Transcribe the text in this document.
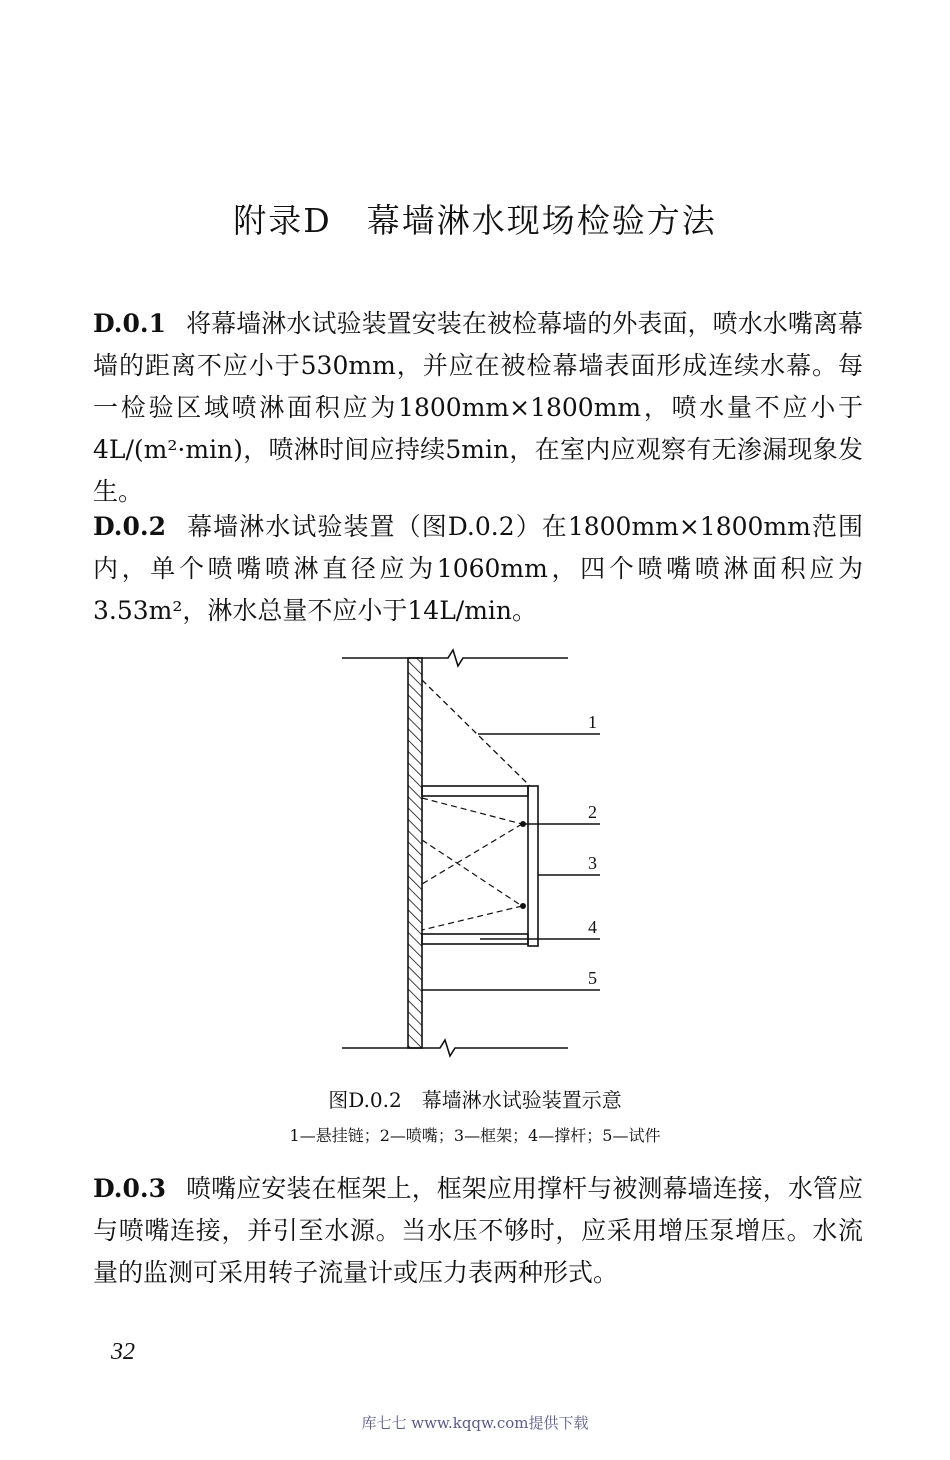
附录D　幕墙淋水现场检验方法

D.0.1 将幕墙淋水试验装置安装在被检幕墙的外表面，喷水水嘴离幕墙的距离不应小于530mm，并应在被检幕墙表面形成连续水幕。每一检验区域喷淋面积应为1800mm×1800mm，喷水量不应小于4L/(m²·min)，喷淋时间应持续5min，在室内应观察有无渗漏现象发生。

D.0.2 幕墙淋水试验装置（图D.0.2）在1800mm×1800mm范围内，单个喷嘴喷淋直径应为1060mm，四个喷嘴喷淋面积应为3.53m²，淋水总量不应小于14L/min。

1
2
3
4
5
图D.0.2　幕墙淋水试验装置示意
1—悬挂链；2—喷嘴；3—框架；4—撑杆；5—试件

D.0.3 喷嘴应安装在框架上，框架应用撑杆与被测幕墙连接，水管应与喷嘴连接，并引至水源。当水压不够时，应采用增压泵增压。水流量的监测可采用转子流量计或压力表两种形式。

32
库七七 www.kqqw.com提供下载
